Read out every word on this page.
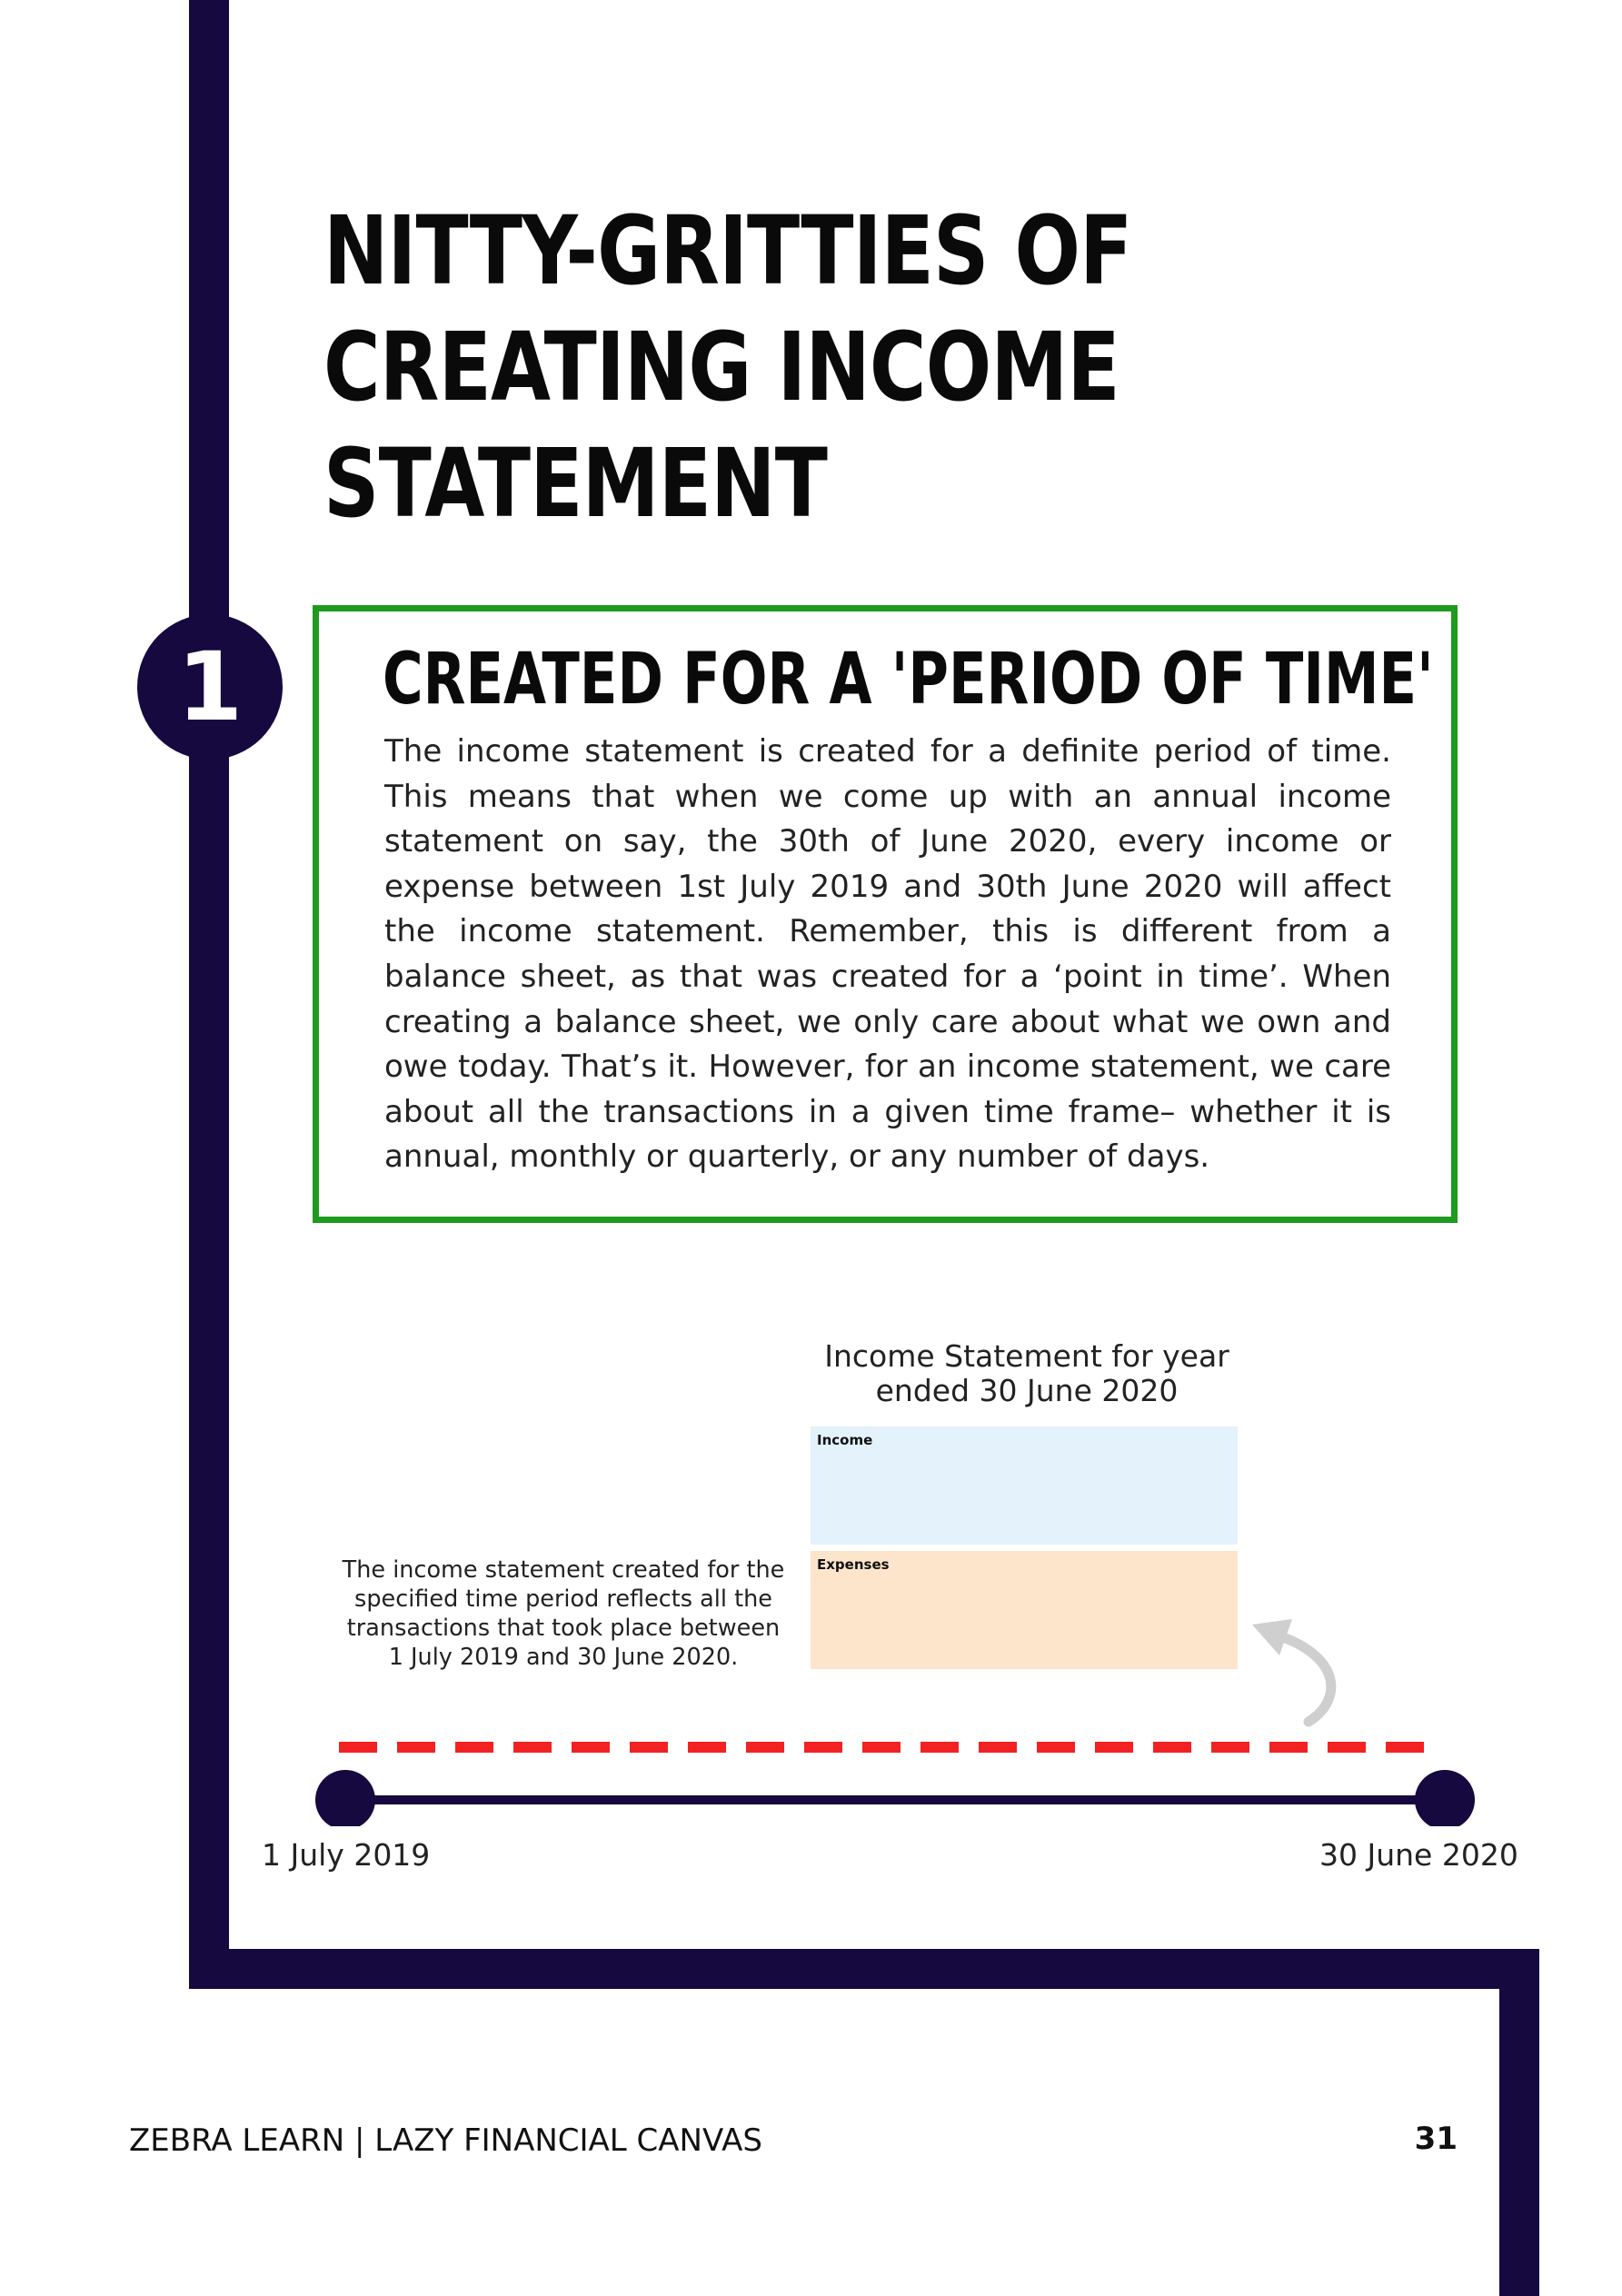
NITTY-GRITTIES OF
CREATING INCOME
STATEMENT
CREATED FOR A 'PERIOD OF TIME'

The income statement is created for a definite period of time. This means that when we come up with an annual income statement on say, the 30th of June 2020, every income or expense between 1st July 2019 and 30th June 2020 will affect the income statement. Remember, this is different from a balance sheet, as that was created for a ‘point in time’. When creating a balance sheet, we only care about what we own and owe today. That’s it. However, for an income statement, we care about all the transactions in a given time frame– whether it is annual, monthly or quarterly, or any number of days.

1
Income Statement for year
ended 30 June 2020
Income
Expenses
The income statement created for the
specified time period reflects all the
transactions that took place between
1 July 2019 and 30 June 2020.

1 July 2019	30 June 2020

ZEBRA LEARN | LAZY FINANCIAL CANVAS	31
